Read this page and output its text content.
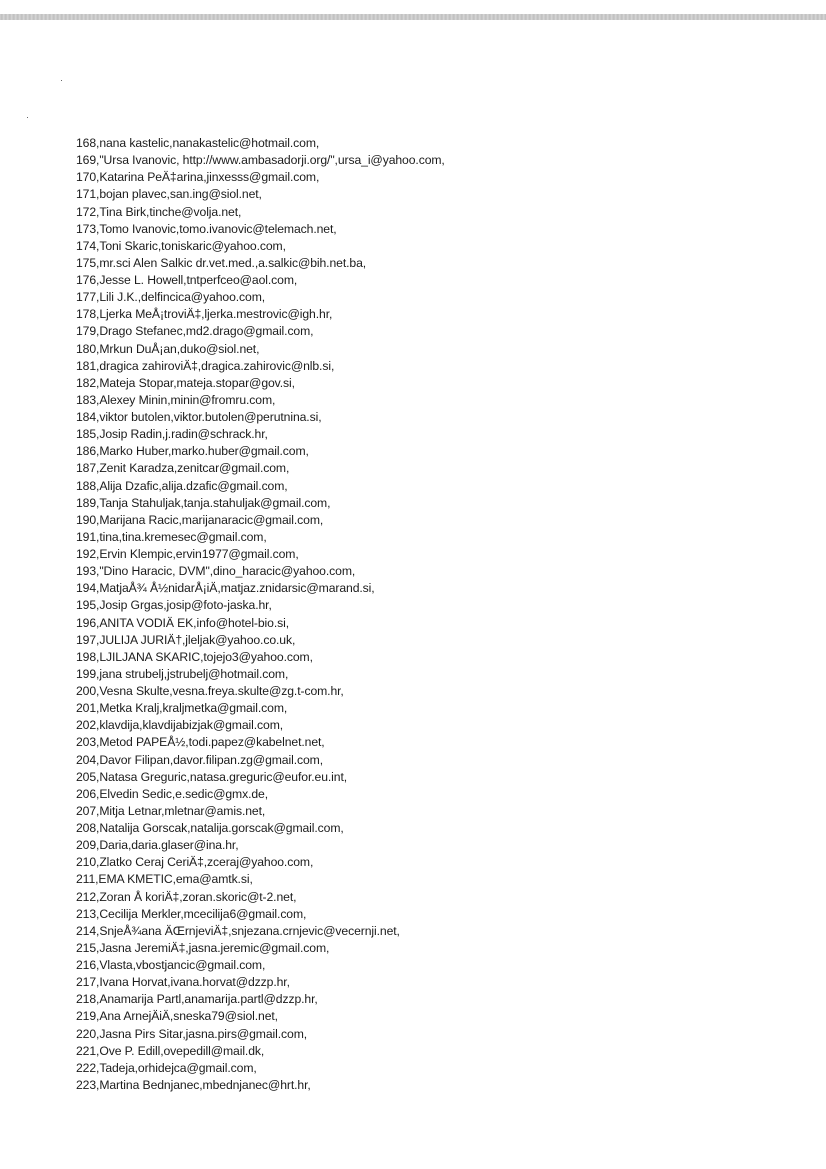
168,nana kastelic,nanakastelic@hotmail.com,
169,"Ursa Ivanovic, http://www.ambasadorji.org/",ursa_i@yahoo.com,
170,Katarina PeÄ‡arina,jinxesss@gmail.com,
171,bojan plavec,san.ing@siol.net,
172,Tina Birk,tinche@volja.net,
173,Tomo Ivanovic,tomo.ivanovic@telemach.net,
174,Toni Skaric,toniskaric@yahoo.com,
175,mr.sci Alen Salkic dr.vet.med.,a.salkic@bih.net.ba,
176,Jesse L. Howell,tntperfceo@aol.com,
177,Lili J.K.,delfincica@yahoo.com,
178,Ljerka MeÅ¡troviÄ‡,ljerka.mestrovic@igh.hr,
179,Drago Stefanec,md2.drago@gmail.com,
180,Mrkun DuÅ¡an,duko@siol.net,
181,dragica zahiroviÄ‡,dragica.zahirovic@nlb.si,
182,Mateja Stopar,mateja.stopar@gov.si,
183,Alexey Minin,minin@fromru.com,
184,viktor butolen,viktor.butolen@perutnina.si,
185,Josip Radin,j.radin@schrack.hr,
186,Marko Huber,marko.huber@gmail.com,
187,Zenit Karadza,zenitcar@gmail.com,
188,Alija Dzafic,alija.dzafic@gmail.com,
189,Tanja Stahuljak,tanja.stahuljak@gmail.com,
190,Marijana Racic,marijanaracic@gmail.com,
191,tina,tina.kremesec@gmail.com,
192,Ervin Klempic,ervin1977@gmail.com,
193,"Dino Haracic, DVM",dino_haracic@yahoo.com,
194,MatjaÅ¾ Å½nidarÅ¡iÄ,matjaz.znidarsic@marand.si,
195,Josip Grgas,josip@foto-jaska.hr,
196,ANITA VODIÄ EK,info@hotel-bio.si,
197,JULIJA JURIÄ†,jleljak@yahoo.co.uk,
198,LJILJANA SKARIC,tojejo3@yahoo.com,
199,jana strubelj,jstrubelj@hotmail.com,
200,Vesna Skulte,vesna.freya.skulte@zg.t-com.hr,
201,Metka Kralj,kraljmetka@gmail.com,
202,klavdija,klavdijabizjak@gmail.com,
203,Metod PAPEÅ½,todi.papez@kabelnet.net,
204,Davor Filipan,davor.filipan.zg@gmail.com,
205,Natasa Greguric,natasa.greguric@eufor.eu.int,
206,Elvedin Sedic,e.sedic@gmx.de,
207,Mitja Letnar,mletnar@amis.net,
208,Natalija Gorscak,natalija.gorscak@gmail.com,
209,Daria,daria.glaser@ina.hr,
210,Zlatko Ceraj CeriÄ‡,zceraj@yahoo.com,
211,EMA KMETIC,ema@amtk.si,
212,Zoran Å koriÄ‡,zoran.skoric@t-2.net,
213,Cecilija Merkler,mcecilija6@gmail.com,
214,SnjeÅ¾ana ÄŒrnjeviÄ‡,snjezana.crnjevic@vecernji.net,
215,Jasna JeremiÄ‡,jasna.jeremic@gmail.com,
216,Vlasta,vbostjancic@gmail.com,
217,Ivana Horvat,ivana.horvat@dzzp.hr,
218,Anamarija Partl,anamarija.partl@dzzp.hr,
219,Ana ArnejÄiÄ,sneska79@siol.net,
220,Jasna Pirs Sitar,jasna.pirs@gmail.com,
221,Ove P. Edill,ovepedill@mail.dk,
222,Tadeja,orhidejca@gmail.com,
223,Martina Bednjanec,mbednjanec@hrt.hr,
